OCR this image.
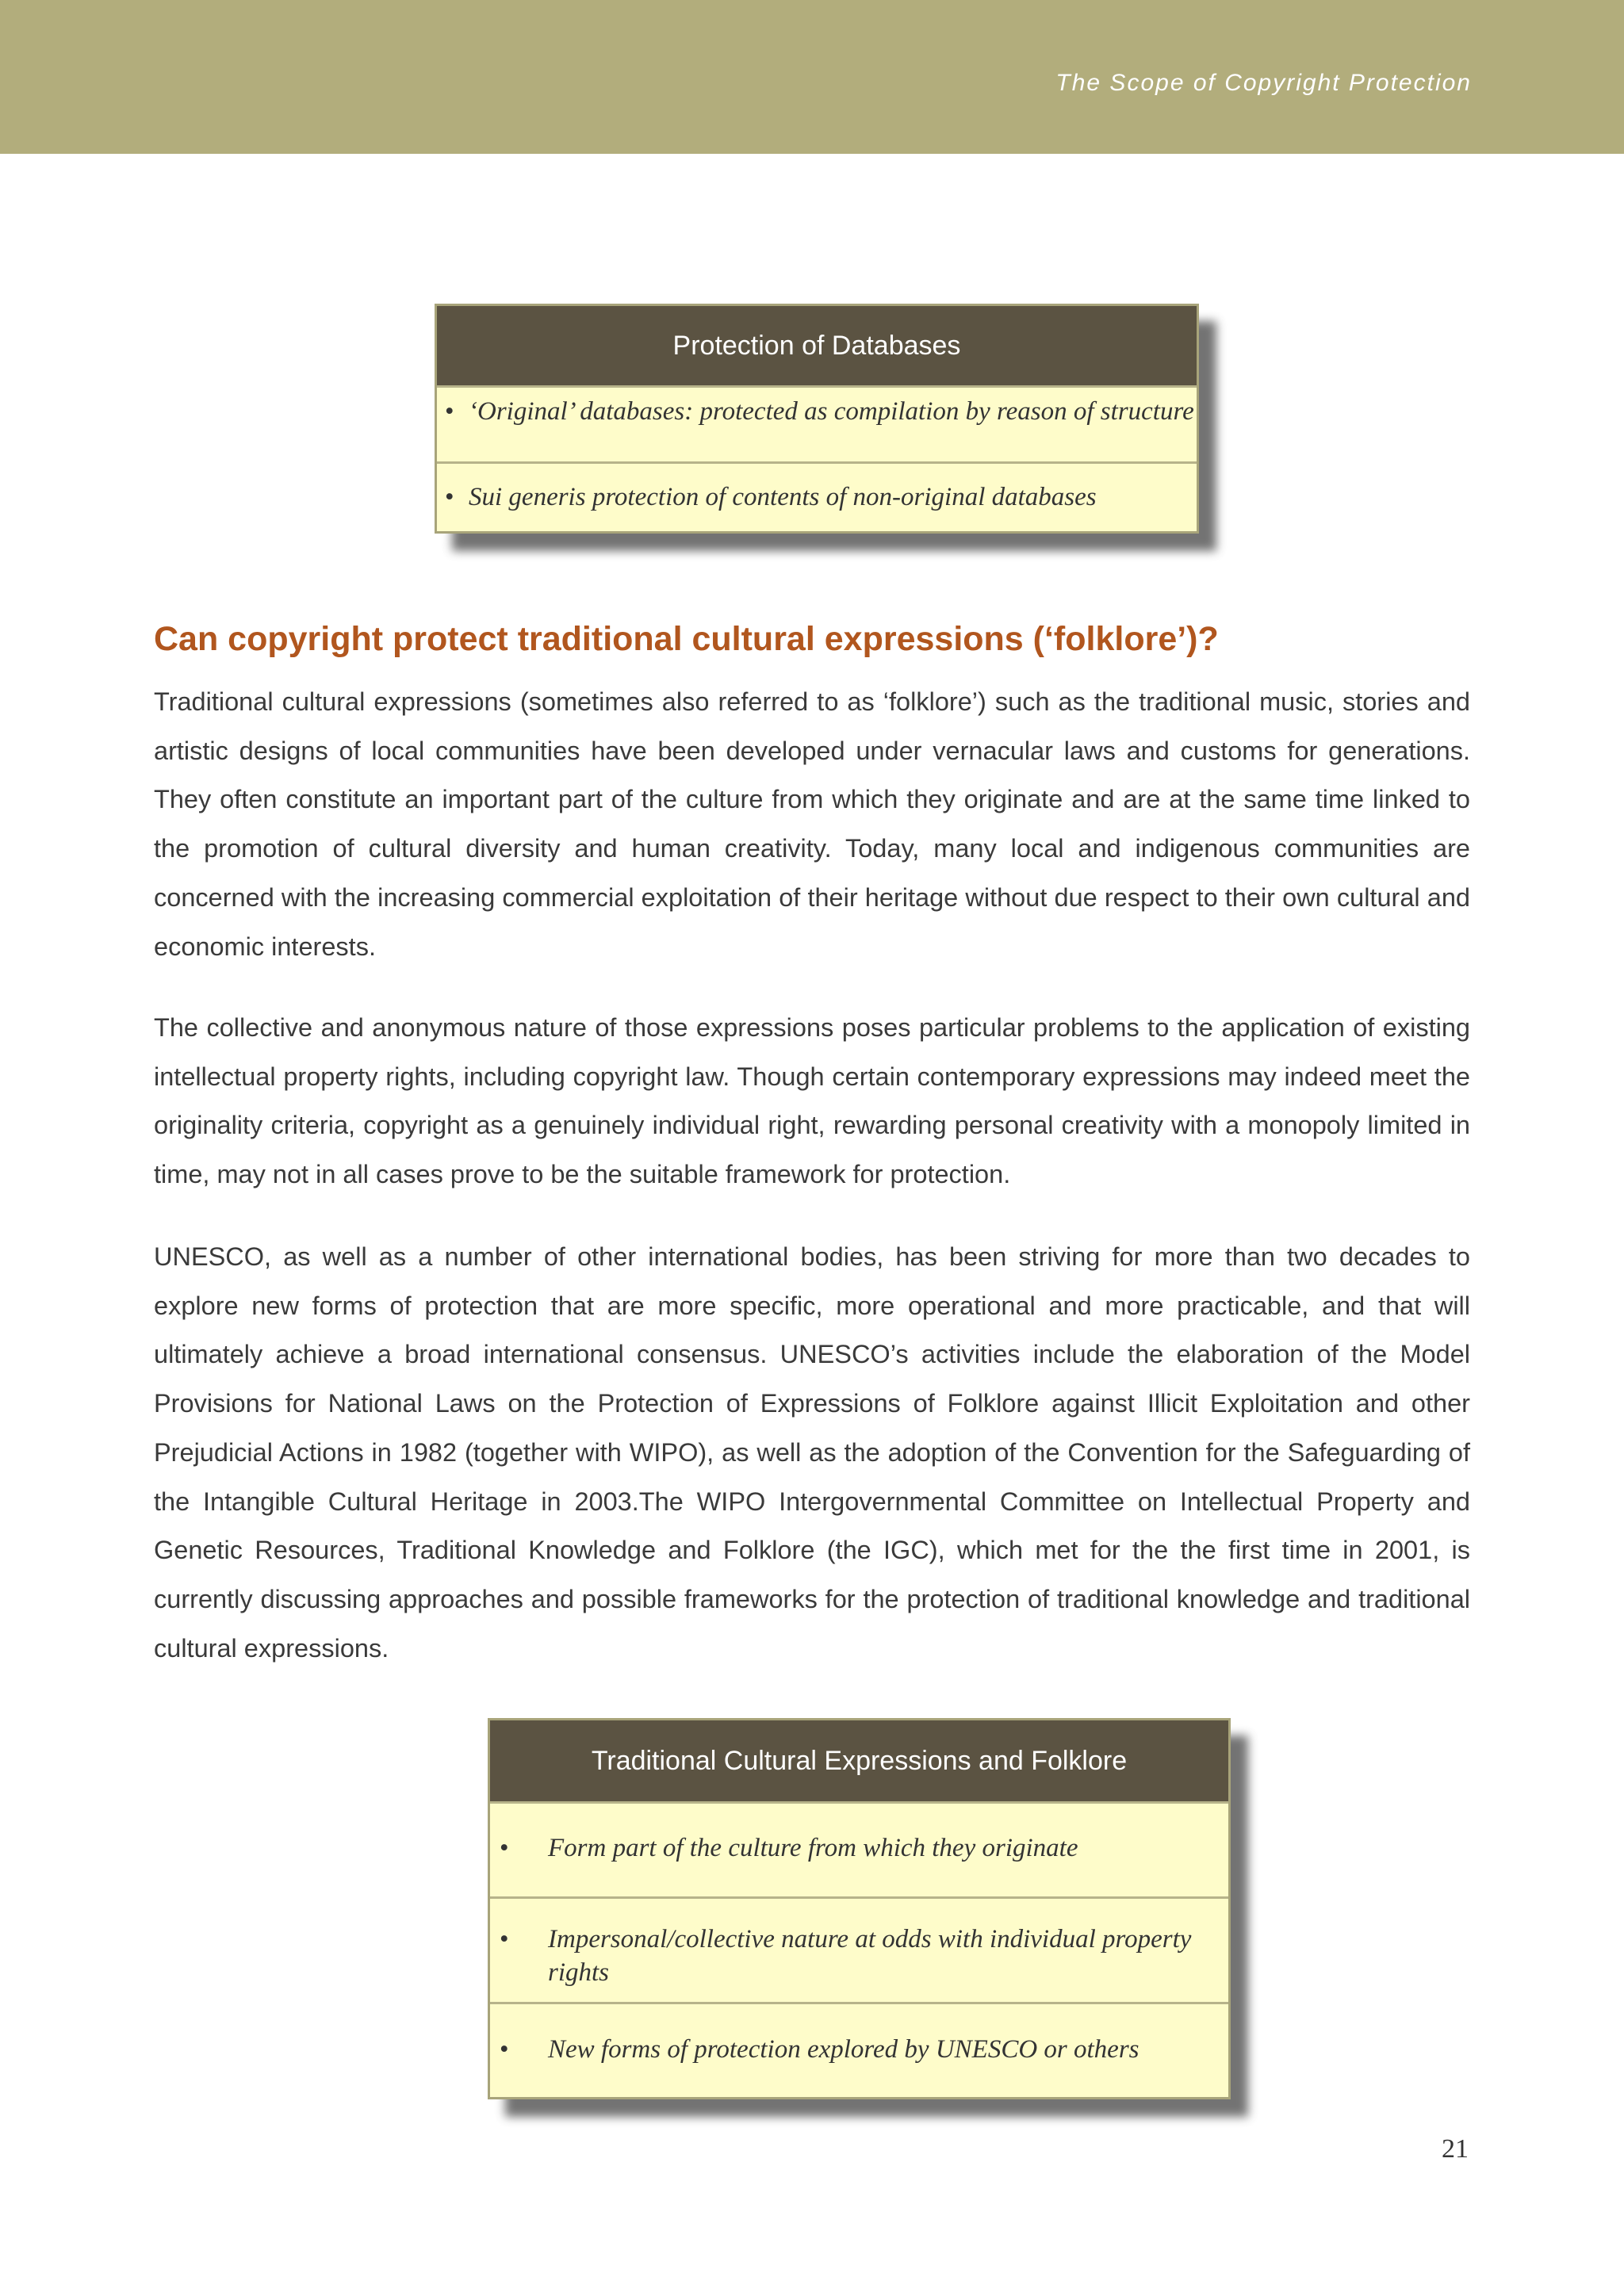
The Scope of Copyright Protection
Protection of Databases
• ‘Original’ databases: protected as compilation by reason of structure
• Sui generis protection of contents of non-original databases
Can copyright protect traditional cultural expressions (‘folklore’)?

Traditional cultural expressions (sometimes also referred to as ‘folklore’) such as the traditional music, stories and artistic designs of local communities have been developed under vernacular laws and customs for generations. They often constitute an important part of the culture from which they originate and are at the same time linked to the promotion of cultural diversity and human creativity. Today, many local and indigenous communities are concerned with the increasing commercial exploitation of their heritage without due respect to their own cultural and economic interests.

The collective and anonymous nature of those expressions poses particular problems to the application of existing intellectual property rights, including copyright law. Though certain contemporary expressions may indeed meet the originality criteria, copyright as a genuinely individual right, rewarding personal creativity with a monopoly limited in time, may not in all cases prove to be the suitable framework for protection.

UNESCO, as well as a number of other international bodies, has been striving for more than two decades to explore new forms of protection that are more specific, more operational and more practicable, and that will ultimately achieve a broad international consensus. UNESCO’s activities include the elaboration of the Model Provisions for National Laws on the Protection of Expressions of Folklore against Illicit Exploitation and other Prejudicial Actions in 1982 (together with WIPO), as well as the adoption of the Convention for the Safeguarding of the Intangible Cultural Heritage in 2003.The WIPO Intergovernmental Committee on Intellectual Property and Genetic Resources, Traditional Knowledge and Folklore (the IGC), which met for the the first time in 2001, is currently discussing approaches and possible frameworks for the protection of traditional knowledge and traditional cultural expressions.

Traditional Cultural Expressions and Folklore
• Form part of the culture from which they originate
• Impersonal/collective nature at odds with individual property rights
• New forms of protection explored by UNESCO or others
21
